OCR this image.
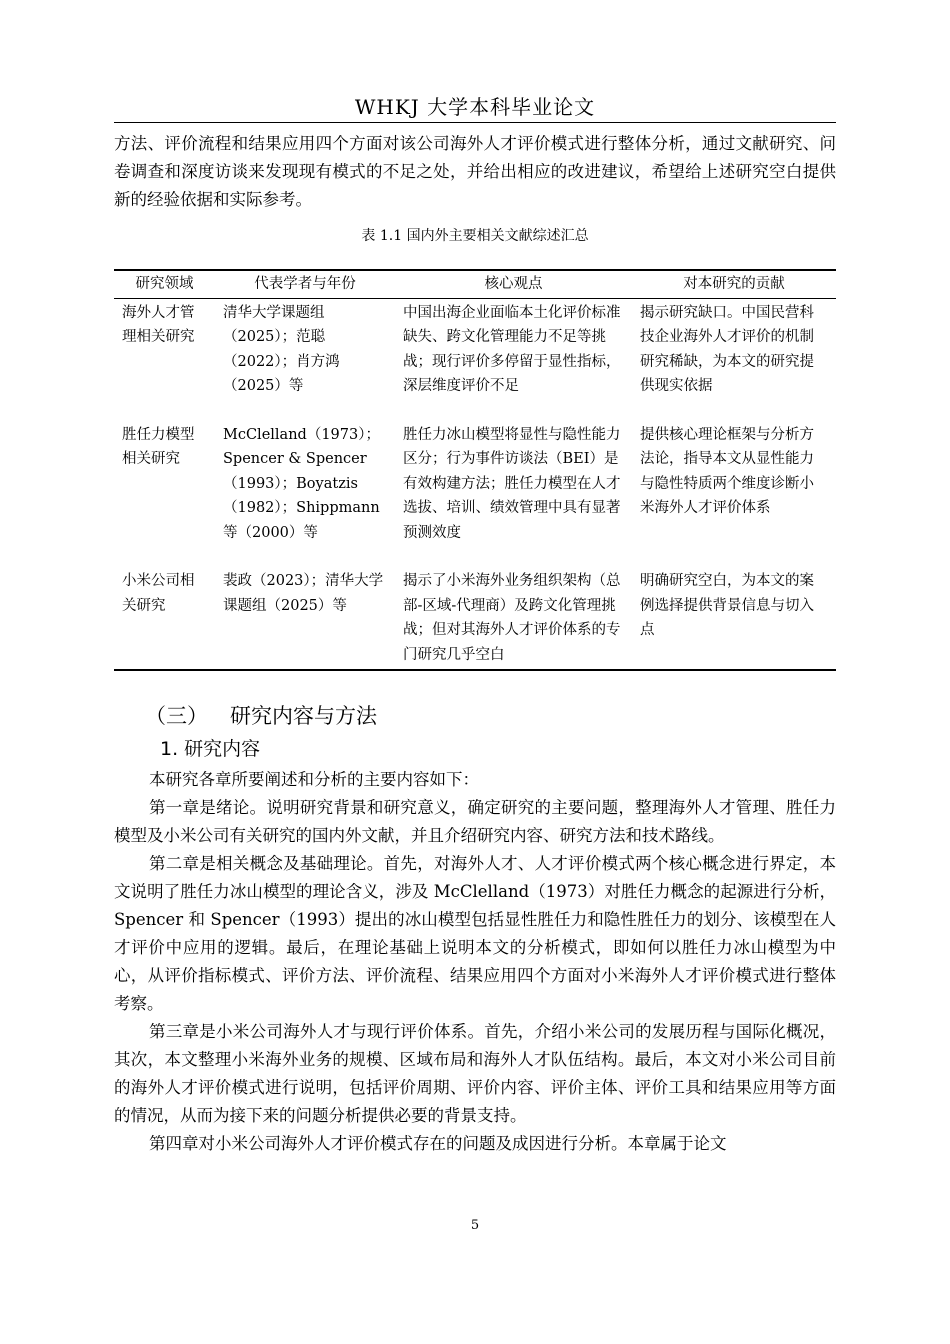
WHKJ 大学本科毕业论文

方法、评价流程和结果应用四个方面对该公司海外人才评价模式进行整体分析，通过文献研究、问卷调查和深度访谈来发现现有模式的不足之处，并给出相应的改进建议，希望给上述研究空白提供新的经验依据和实际参考。

表 1.1 国内外主要相关文献综述汇总
研究领域	代表学者与年份	核心观点	对本研究的贡献
海外人才管理相关研究	清华大学课题组（2025）；范聪（2022）；肖方鸿（2025）等	中国出海企业面临本土化评价标准缺失、跨文化管理能力不足等挑战；现行评价多停留于显性指标，深层维度评价不足	揭示研究缺口。中国民营科技企业海外人才评价的机制研究稀缺，为本文的研究提供现实依据
胜任力模型相关研究	McClelland（1973）；Spencer & Spencer（1993）；Boyatzis（1982）；Shippmann等（2000）等	胜任力冰山模型将显性与隐性能力区分；行为事件访谈法（BEI）是有效构建方法；胜任力模型在人才选拔、培训、绩效管理中具有显著预测效度	提供核心理论框架与分析方法论，指导本文从显性能力与隐性特质两个维度诊断小米海外人才评价体系
小米公司相关研究	裴政（2023）；清华大学课题组（2025）等	揭示了小米海外业务组织架构（总部-区域-代理商）及跨文化管理挑战；但对其海外人才评价体系的专门研究几乎空白	明确研究空白，为本文的案例选择提供背景信息与切入点
（三） 研究内容与方法
1. 研究内容

本研究各章所要阐述和分析的主要内容如下：

第一章是绪论。说明研究背景和研究意义，确定研究的主要问题，整理海外人才管理、胜任力模型及小米公司有关研究的国内外文献，并且介绍研究内容、研究方法和技术路线。

第二章是相关概念及基础理论。首先，对海外人才、人才评价模式两个核心概念进行界定，本文说明了胜任力冰山模型的理论含义，涉及 McClelland（1973）对胜任力概念的起源进行分析，Spencer 和 Spencer（1993）提出的冰山模型包括显性胜任力和隐性胜任力的划分、该模型在人才评价中应用的逻辑。最后，在理论基础上说明本文的分析模式，即如何以胜任力冰山模型为中心，从评价指标模式、评价方法、评价流程、结果应用四个方面对小米海外人才评价模式进行整体考察。

第三章是小米公司海外人才与现行评价体系。首先，介绍小米公司的发展历程与国际化概况，其次，本文整理小米海外业务的规模、区域布局和海外人才队伍结构。最后，本文对小米公司目前的海外人才评价模式进行说明，包括评价周期、评价内容、评价主体、评价工具和结果应用等方面的情况，从而为接下来的问题分析提供必要的背景支持。

第四章对小米公司海外人才评价模式存在的问题及成因进行分析。本章属于论文

5
